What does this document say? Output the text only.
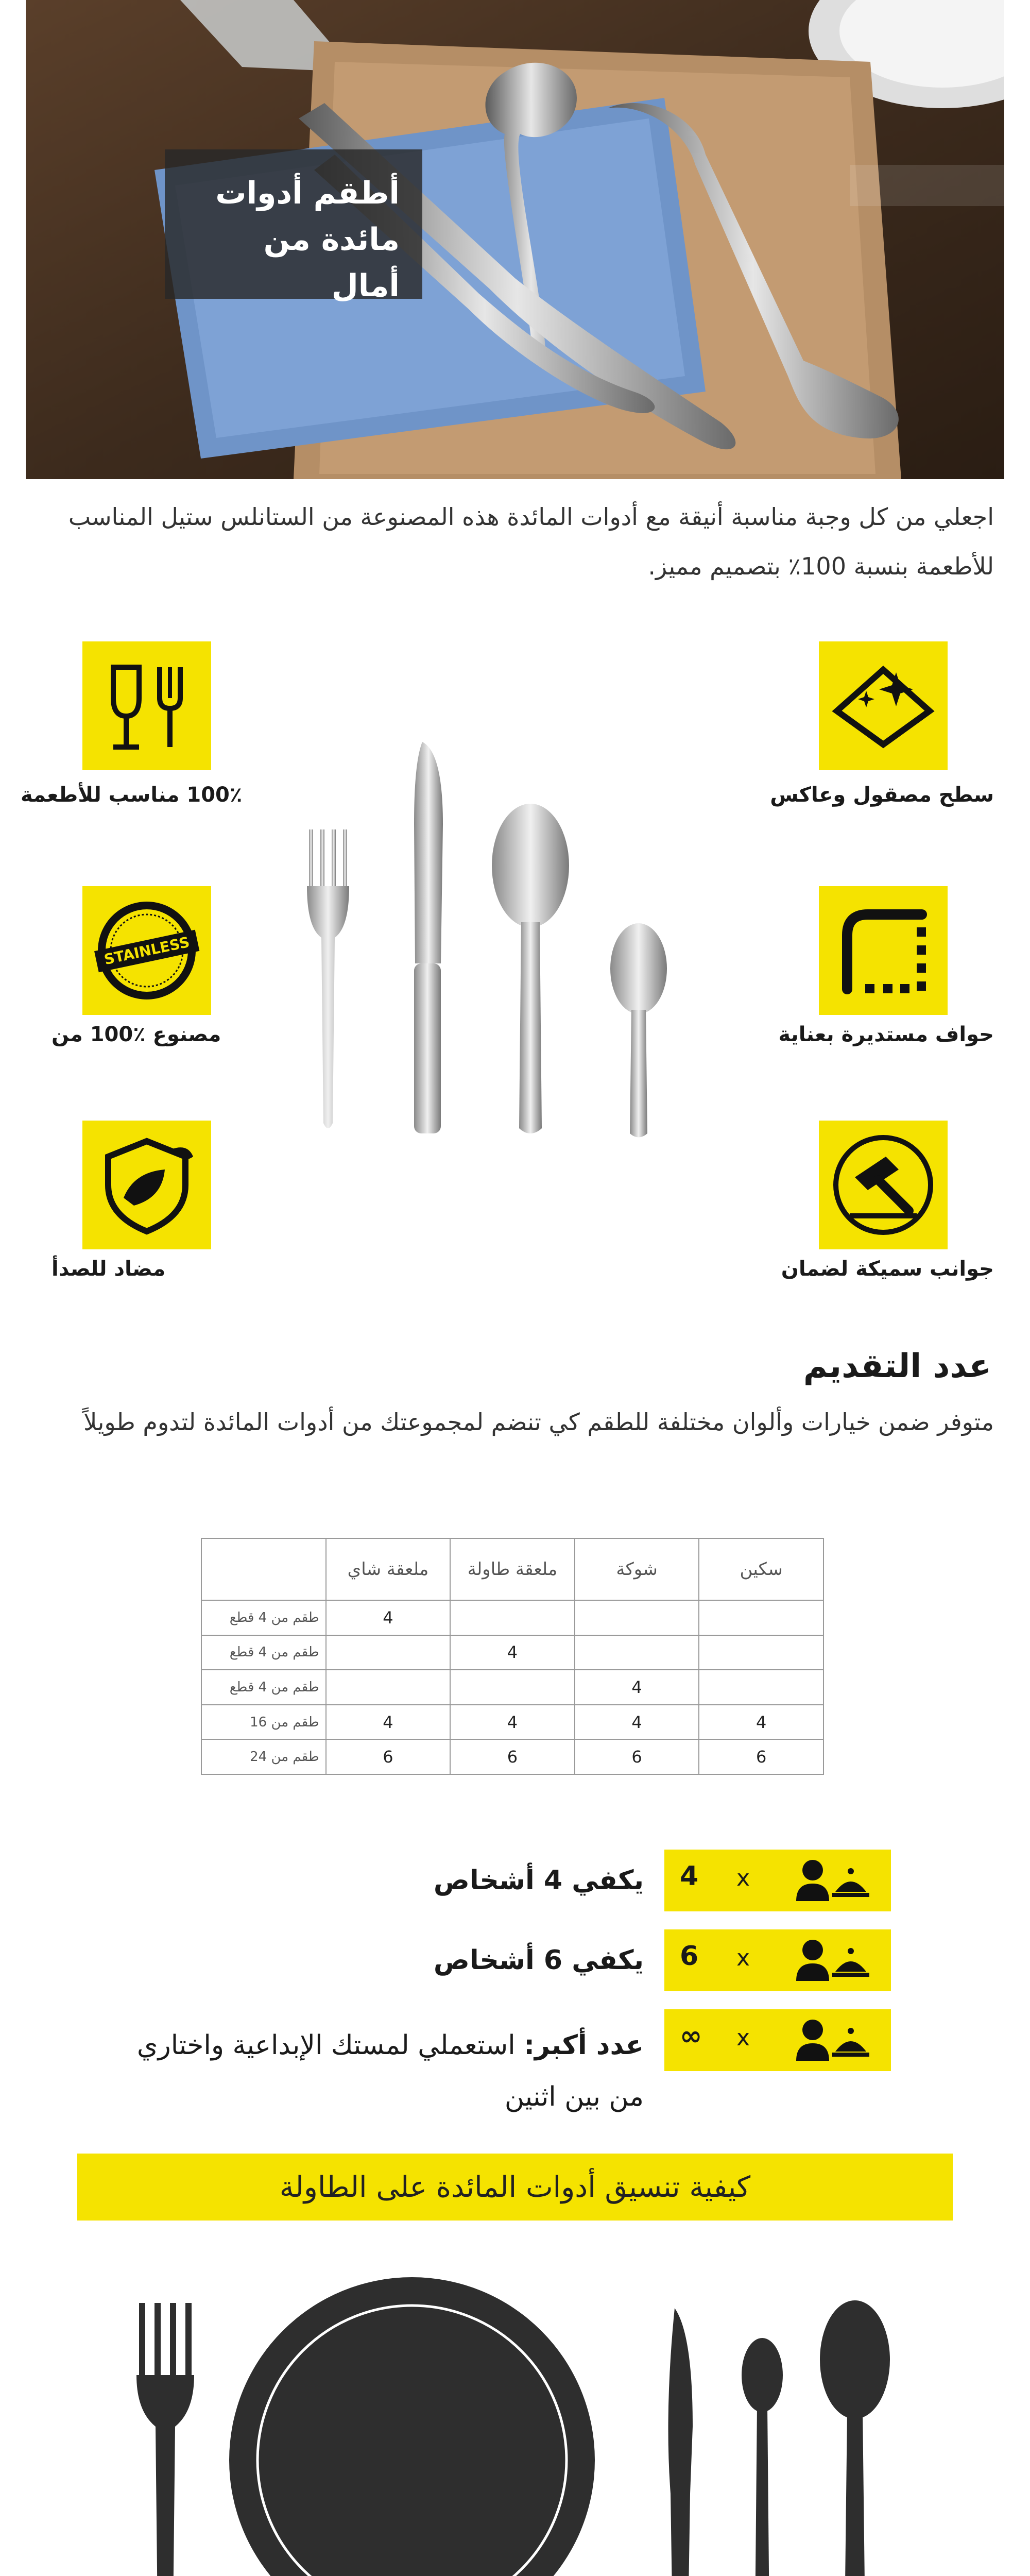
أطقم أدوات مائدة من
أمال
اجعلي من كل وجبة مناسبة أنيقة مع أدوات المائدة هذه المصنوعة من الستانلس ستيل المناسب للأطعمة بنسبة 100٪ بتصميم مميز.
سطح مصقول وعاكس
حواف مستديرة بعناية
جوانب سميكة لضمان
100٪ مناسب للأطعمة
STAINLESS
مصنوع ٪100 من
مضاد للصدأ
عدد التقديم
متوفر ضمن خيارات وألوان مختلفة للطقم كي تنضم لمجموعتك من أدوات المائدة لتدوم طويلاً
	ملعقة شاي	ملعقة طاولة	شوكة	سكين
طقم من 4 قطع	4			
طقم من 4 قطع		4		
طقم من 4 قطع			4	
طقم من 16	4	4	4	4
طقم من 24	6	6	6	6
4 x
يكفي 4 أشخاص
6 x
يكفي 6 أشخاص
∞ x
عدد أكبر: استعملي لمستك الإبداعية واختاري
من بين اثنين
كيفية تنسيق أدوات المائدة على الطاولة
